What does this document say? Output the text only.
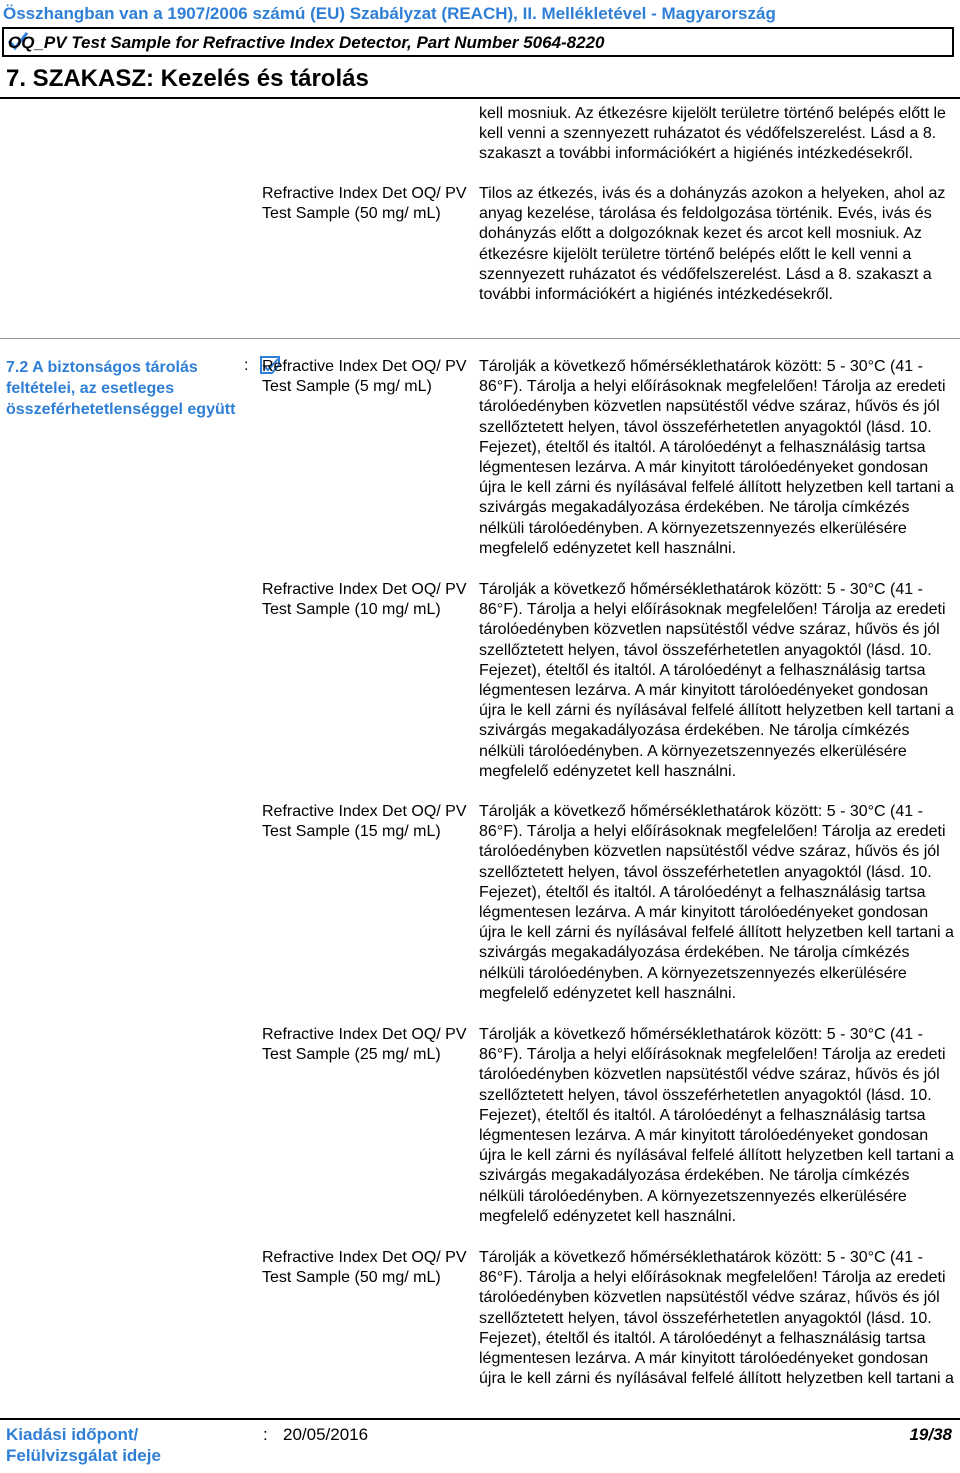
Összhangban van a 1907/2006 számú (EU) Szabályzat (REACH), II. Mellékletével - Magyarország
OQ_PV Test Sample for Refractive Index Detector, Part Number 5064-8220
7. SZAKASZ: Kezelés és tárolás
kell mosniuk. Az étkezésre kijelölt területre történő belépés előtt le kell venni a szennyezett ruházatot és védőfelszerelést. Lásd a 8. szakaszt a további információkért a higiénés intézkedésekről.
Refractive Index Det OQ/ PV Test Sample (50 mg/ mL)
Tilos az étkezés, ivás és a dohányzás azokon a helyeken, ahol az anyag kezelése, tárolása és feldolgozása történik. Evés, ivás és dohányzás előtt a dolgozóknak kezet és arcot kell mosniuk. Az étkezésre kijelölt területre történő belépés előtt le kell venni a szennyezett ruházatot és védőfelszerelést. Lásd a 8. szakaszt a további információkért a higiénés intézkedésekről.
7.2 A biztonságos tárolás feltételei, az esetleges összeférhetetlenséggel együtt
: Refractive Index Det OQ/ PV Test Sample (5 mg/ mL)
Tárolják a következő hőmérséklethatárok között: 5 - 30°C (41 - 86°F). Tárolja a helyi előírásoknak megfelelően! Tárolja az eredeti tárolóedényben közvetlen napsütéstől védve száraz, hűvös és jól szellőztetett helyen, távol összeférhetetlen anyagoktól (lásd. 10. Fejezet), ételtől és italtól. A tárolóedényt a felhasználásig tartsa légmentesen lezárva. A már kinyitott tárolóedényeket gondosan újra le kell zárni és nyílásával felfelé állított helyzetben kell tartani a szivárgás megakadályozása érdekében. Ne tárolja címkézés nélküli tárolóedényben. A környezetszennyezés elkerülésére megfelelő edényzetet kell használni.
Refractive Index Det OQ/ PV Test Sample (10 mg/ mL)
Tárolják a következő hőmérséklethatárok között: 5 - 30°C (41 - 86°F). Tárolja a helyi előírásoknak megfelelően! Tárolja az eredeti tárolóedényben közvetlen napsütéstől védve száraz, hűvös és jól szellőztetett helyen, távol összeférhetetlen anyagoktól (lásd. 10. Fejezet), ételtől és italtól. A tárolóedényt a felhasználásig tartsa légmentesen lezárva. A már kinyitott tárolóedényeket gondosan újra le kell zárni és nyílásával felfelé állított helyzetben kell tartani a szivárgás megakadályozása érdekében. Ne tárolja címkézés nélküli tárolóedényben. A környezetszennyezés elkerülésére megfelelő edényzetet kell használni.
Refractive Index Det OQ/ PV Test Sample (15 mg/ mL)
Tárolják a következő hőmérséklethatárok között: 5 - 30°C (41 - 86°F). Tárolja a helyi előírásoknak megfelelően! Tárolja az eredeti tárolóedényben közvetlen napsütéstől védve száraz, hűvös és jól szellőztetett helyen, távol összeférhetetlen anyagoktól (lásd. 10. Fejezet), ételtől és italtól. A tárolóedényt a felhasználásig tartsa légmentesen lezárva. A már kinyitott tárolóedényeket gondosan újra le kell zárni és nyílásával felfelé állított helyzetben kell tartani a szivárgás megakadályozása érdekében. Ne tárolja címkézés nélküli tárolóedényben. A környezetszennyezés elkerülésére megfelelő edényzetet kell használni.
Refractive Index Det OQ/ PV Test Sample (25 mg/ mL)
Tárolják a következő hőmérséklethatárok között: 5 - 30°C (41 - 86°F). Tárolja a helyi előírásoknak megfelelően! Tárolja az eredeti tárolóedényben közvetlen napsütéstől védve száraz, hűvös és jól szellőztetett helyen, távol összeférhetetlen anyagoktól (lásd. 10. Fejezet), ételtől és italtól. A tárolóedényt a felhasználásig tartsa légmentesen lezárva. A már kinyitott tárolóedényeket gondosan újra le kell zárni és nyílásával felfelé állított helyzetben kell tartani a szivárgás megakadályozása érdekében. Ne tárolja címkézés nélküli tárolóedényben. A környezetszennyezés elkerülésére megfelelő edényzetet kell használni.
Refractive Index Det OQ/ PV Test Sample (50 mg/ mL)
Tárolják a következő hőmérséklethatárok között: 5 - 30°C (41 - 86°F). Tárolja a helyi előírásoknak megfelelően! Tárolja az eredeti tárolóedényben közvetlen napsütéstől védve száraz, hűvös és jól szellőztetett helyen, távol összeférhetetlen anyagoktól (lásd. 10. Fejezet), ételtől és italtól. A tárolóedényt a felhasználásig tartsa légmentesen lezárva. A már kinyitott tárolóedényeket gondosan újra le kell zárni és nyílásával felfelé állított helyzetben kell tartani a
Kiadási időpont/ Felülvizsgálat ideje
: 20/05/2016	19/38
